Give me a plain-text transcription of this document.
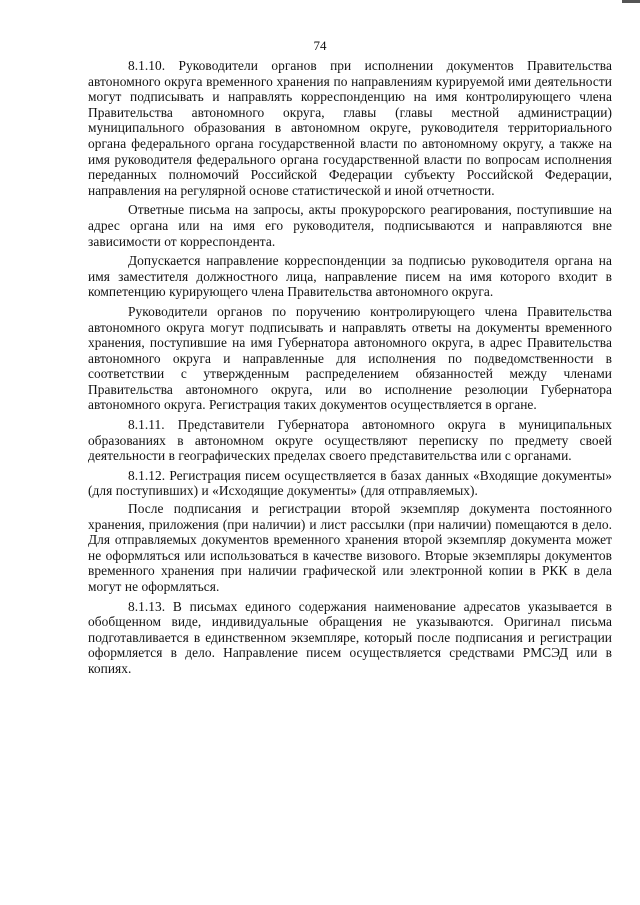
74

8.1.10. Руководители органов при исполнении документов Правительства автономного округа временного хранения по направлениям курируемой ими деятельности могут подписывать и направлять корреспонденцию на имя контролирующего члена Правительства автономного округа, главы (главы местной администрации) муниципального образования в автономном округе, руководителя территориального органа федерального органа государственной власти по автономному округу, а также на имя руководителя федерального органа государственной власти по вопросам исполнения переданных полномочий Российской Федерации субъекту Российской Федерации, направления на регулярной основе статистической и иной отчетности.

Ответные письма на запросы, акты прокурорского реагирования, поступившие на адрес органа или на имя его руководителя, подписываются и направляются вне зависимости от корреспондента.

Допускается направление корреспонденции за подписью руководителя органа на имя заместителя должностного лица, направление писем на имя которого входит в компетенцию курирующего члена Правительства автономного округа.

Руководители органов по поручению контролирующего члена Правительства автономного округа могут подписывать и направлять ответы на документы временного хранения, поступившие на имя Губернатора автономного округа, в адрес Правительства автономного округа и направленные для исполнения по подведомственности в соответствии с утвержденным распределением обязанностей между членами Правительства автономного округа, или во исполнение резолюции Губернатора автономного округа. Регистрация таких документов осуществляется в органе.

8.1.11. Представители Губернатора автономного округа в муниципальных образованиях в автономном округе осуществляют переписку по предмету своей деятельности в географических пределах своего представительства или с органами.

8.1.12. Регистрация писем осуществляется в базах данных «Входящие документы» (для поступивших) и «Исходящие документы» (для отправляемых).

После подписания и регистрации второй экземпляр документа постоянного хранения, приложения (при наличии) и лист рассылки (при наличии) помещаются в дело. Для отправляемых документов временного хранения второй экземпляр документа может не оформляться или использоваться в качестве визового. Вторые экземпляры документов временного хранения при наличии графической или электронной копии в РКК в дела могут не оформляться.

8.1.13. В письмах единого содержания наименование адресатов указывается в обобщенном виде, индивидуальные обращения не указываются. Оригинал письма подготавливается в единственном экземпляре, который после подписания и регистрации оформляется в дело. Направление писем осуществляется средствами РМСЭД или в копиях.
